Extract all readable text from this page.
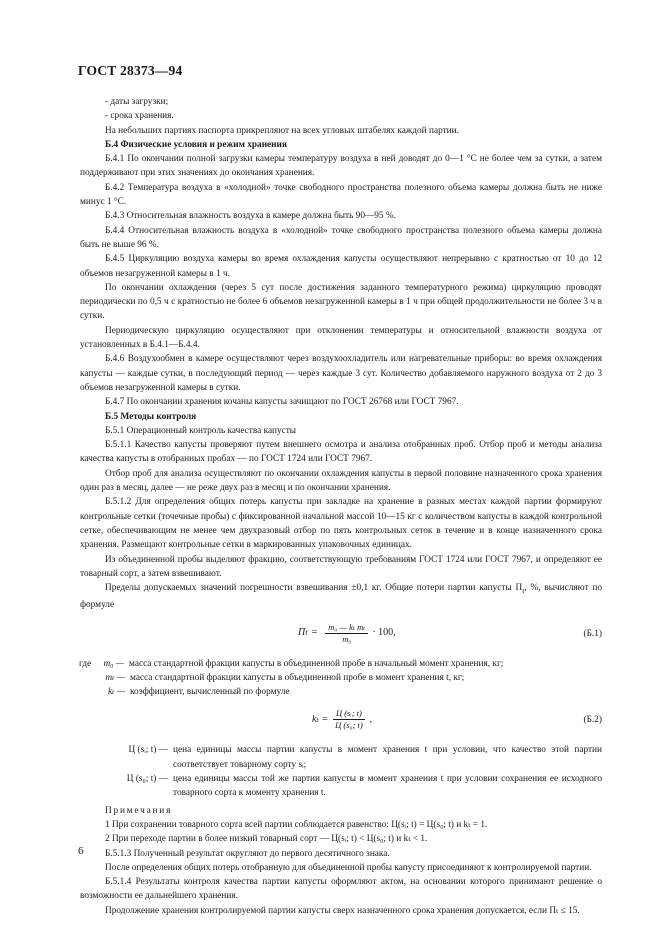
ГОСТ 28373—94

- даты загрузки;

- срока хранения.

На небольших партиях паспорта прикрепляют на всех угловых штабелях каждой партии.

Б.4 Физические условия и режим хранения

Б.4.1 По окончании полной загрузки камеры температуру воздуха в ней доводят до 0—1 °С не более чем за сутки, а затем поддерживают при этих значениях до окончания хранения.

Б.4.2 Температура воздуха в «холодной» точке свободного пространства полезного объема камеры должна быть не ниже минус 1 °С.

Б.4.3 Относительная влажность воздуха в камере должна быть 90—95 %.

Б.4.4 Относительная влажность воздуха в «холодной» точке свободного пространства полезного объема камеры должна быть не выше 96 %.

Б.4.5 Циркуляцию воздуха камеры во время охлаждения капусты осуществляют непрерывно с кратностью от 10 до 12 объемов незагруженной камеры в 1 ч.

По окончании охлаждения (через 5 сут после достижения заданного температурного режима) циркуляцию проводят периодически по 0,5 ч с кратностью не более 6 объемов незагруженной камеры в 1 ч при общей продолжительности не более 3 ч в сутки.

Периодическую циркуляцию осуществляют при отклонении температуры и относительной влажности воздуха от установленных в Б.4.1—Б.4.4.

Б.4.6 Воздухообмен в камере осуществляют через воздухоохладитель или нагревательные приборы: во время охлаждения капусты — каждые сутки, в последующий период — через каждые 3 сут. Количество добавляемого наружного воздуха от 2 до 3 объемов незагруженной камеры в сутки.

Б.4.7 По окончании хранения кочаны капусты зачищают по ГОСТ 26768 или ГОСТ 7967.

Б.5 Методы контроля

Б.5.1 Операционный контроль качества капусты

Б.5.1.1 Качество капусты проверяют путем внешнего осмотра и анализа отобранных проб. Отбор проб и методы анализа качества капусты в отобранных пробах — по ГОСТ 1724 или ГОСТ 7967.

Отбор проб для анализа осуществляют по окончании охлаждения капусты в первой половине назначенного срока хранения один раз в месяц, далее — не реже двух раз в месяц и по окончании хранения.

Б.5.1.2 Для определения общих потерь капусты при закладке на хранение в разных местах каждой партии формируют контрольные сетки (точечные пробы) с фиксированной начальной массой 10—15 кг с количеством капусты в каждой контрольной сетке, обеспечивающим не менее чем двухразовый отбор по пять контрольных сеток в течение и в конце назначенного срока хранения. Размещают контрольные сетки в маркированных упаковочных единицах.

Из объединенной пробы выделяют фракцию, соответствующую требованиям ГОСТ 1724 или ГОСТ 7967, и определяют ее товарный сорт, а затем взвешивают.

Пределы допускаемых значений погрешности взвешивания ±0,1 кг. Общие потери партии капусты $П_t$, %, вычисляют по формуле

П $t = \frac{\text{m₀ — kₜ mₜ}}{\text{m₀}} \cdot 100$,	(Б.1)
где	m₀ — масса стандартной фракции капусты в объединенной пробе в начальный момент хранения, кг;
mₜ — масса стандартной фракции капусты в объединенной пробе в момент хранения t, кг;
kₜ — коэффициент, вычисленный по формуле
$k_t = \frac{\text{Ц (sᵢ; t)}}{\text{Ц (s₀; t)}}$ ,	(Б.2)
Ц (sᵢ; t) — цена единицы массы партии капусты в момент хранения t при условии, что качество этой партии соответствует товарному сорту sᵢ;
Ц (s₀; t) — цена единицы массы той же партии капусты в момент хранения t при условии сохранения ее исходного товарного сорта к моменту хранения t.

Примечания

1 При сохранении товарного сорта всей партии соблюдается равенство: Ц(sᵢ; t) = Ц(s₀; t) и kₜ = 1.

2 При переходе партии в более низкий товарный сорт — Ц(sᵢ; t) < Ц(s₀; t) и kₜ < 1.

Б.5.1.3 Полученный результат округляют до первого десятичного знака.

После определения общих потерь отобранную для объединенной пробы капусту присоединяют к контролируемой партии.

Б.5.1.4 Результаты контроля качества партии капусты оформляют актом, на основании которого принимают решение о возможности ее дальнейшего хранения.

Продолжение хранения контролируемой партии капусты сверх назначенного срока хранения допускается, если Пₜ ≤ 15.

6
